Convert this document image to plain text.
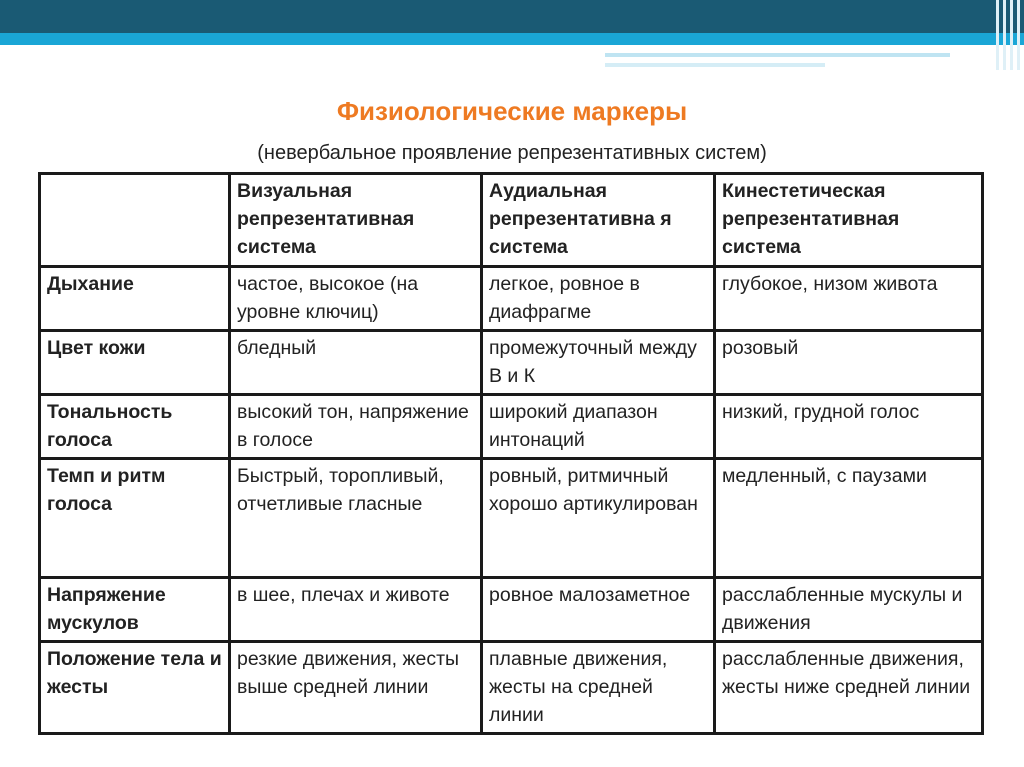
Физиологические маркеры
(невербальное проявление репрезентативных систем)
	Визуальная репрезентативная система	Аудиальная репрезентативна я система	Кинестетическая репрезентативная система
Дыхание	частое, высокое (на уровне ключиц)	легкое, ровное в диафрагме	глубокое, низом живота
Цвет кожи	бледный	промежуточный между В и К	розовый
Тональность голоса	высокий тон, напряжение в голосе	широкий диапазон интонаций	низкий, грудной голос
Темп и ритм голоса	Быстрый, торопливый, отчетливые гласные	ровный, ритмичный хорошо артикулирован	медленный, с паузами
Напряжение мускулов	в шее, плечах и животе	ровное малозаметное	расслабленные мускулы и движения
Положение тела и жесты	резкие движения, жесты выше средней линии	плавные движения, жесты на средней линии	расслабленные движения, жесты ниже средней линии
